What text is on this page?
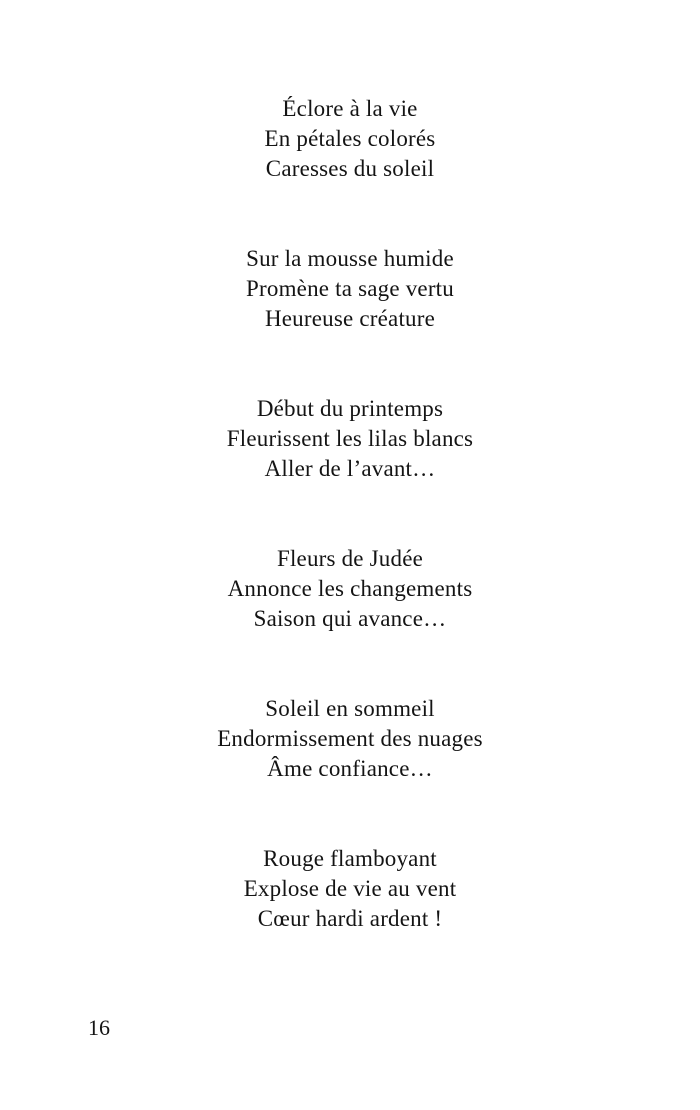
Éclore à la vie
En pétales colorés
Caresses du soleil
Sur la mousse humide
Promène ta sage vertu
Heureuse créature
Début du printemps
Fleurissent les lilas blancs
Aller de l’avant…
Fleurs de Judée
Annonce les changements
Saison qui avance…
Soleil en sommeil
Endormissement des nuages
Âme confiance…
Rouge flamboyant
Explose de vie au vent
Cœur hardi ardent !
16
